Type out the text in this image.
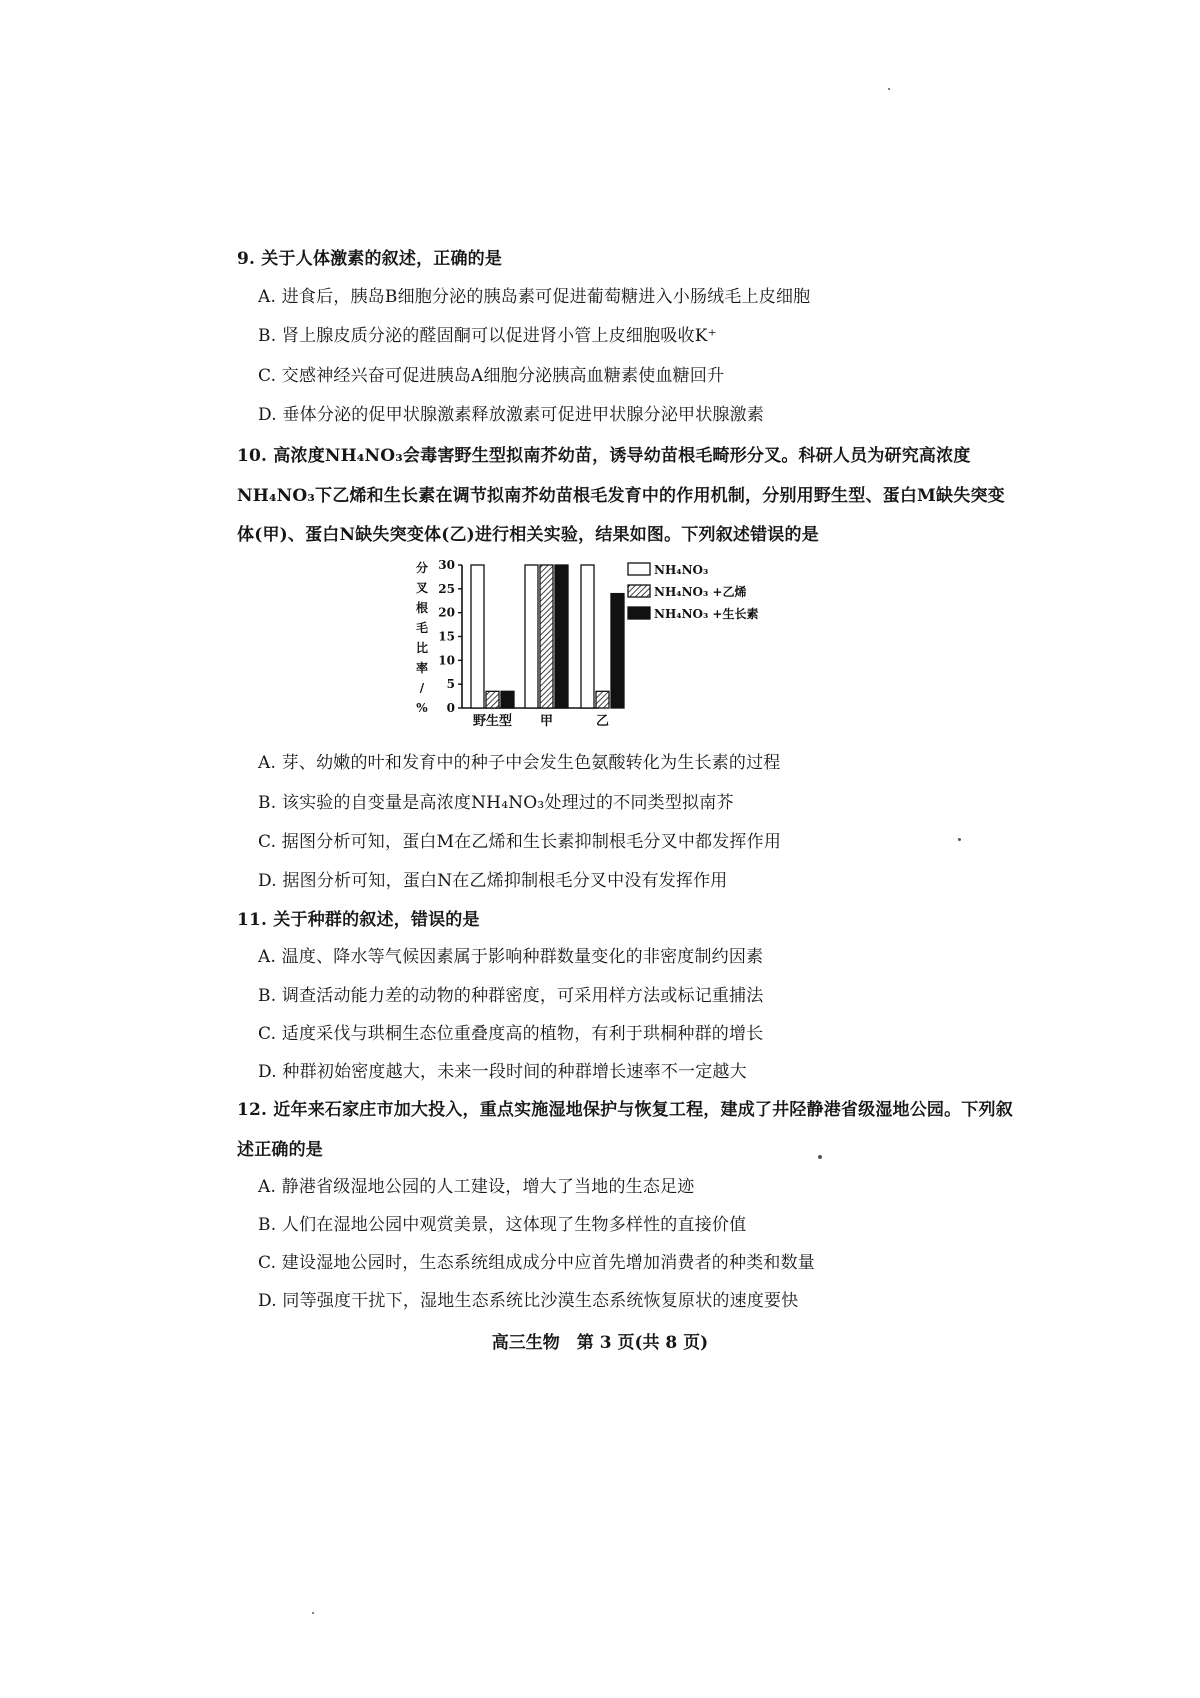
9. 关于人体激素的叙述，正确的是
A. 进食后，胰岛B细胞分泌的胰岛素可促进葡萄糖进入小肠绒毛上皮细胞
B. 肾上腺皮质分泌的醛固酮可以促进肾小管上皮细胞吸收K⁺
C. 交感神经兴奋可促进胰岛A细胞分泌胰高血糖素使血糖回升
D. 垂体分泌的促甲状腺激素释放激素可促进甲状腺分泌甲状腺激素
10. 高浓度NH₄NO₃会毒害野生型拟南芥幼苗，诱导幼苗根毛畸形分叉。科研人员为研究高浓度
NH₄NO₃下乙烯和生长素在调节拟南芥幼苗根毛发育中的作用机制，分别用野生型、蛋白M缺失突变
体(甲)、蛋白N缺失突变体(乙)进行相关实验，结果如图。下列叙述错误的是
分
叉
根
毛
比
率
/
% 0
5
10
15
20
25
30
野生型 甲	乙
NH₄NO₃
NH₄NO₃ +乙烯
NH₄NO₃ +生长素
A. 芽、幼嫩的叶和发育中的种子中会发生色氨酸转化为生长素的过程
B. 该实验的自变量是高浓度NH₄NO₃处理过的不同类型拟南芥
C. 据图分析可知，蛋白M在乙烯和生长素抑制根毛分叉中都发挥作用
D. 据图分析可知，蛋白N在乙烯抑制根毛分叉中没有发挥作用
11. 关于种群的叙述，错误的是
A. 温度、降水等气候因素属于影响种群数量变化的非密度制约因素
B. 调查活动能力差的动物的种群密度，可采用样方法或标记重捕法
C. 适度采伐与珙桐生态位重叠度高的植物，有利于珙桐种群的增长
D. 种群初始密度越大，未来一段时间的种群增长速率不一定越大
12. 近年来石家庄市加大投入，重点实施湿地保护与恢复工程，建成了井陉静港省级湿地公园。下列叙
述正确的是
A. 静港省级湿地公园的人工建设，增大了当地的生态足迹
B. 人们在湿地公园中观赏美景，这体现了生物多样性的直接价值
C. 建设湿地公园时，生态系统组成成分中应首先增加消费者的种类和数量
D. 同等强度干扰下，湿地生态系统比沙漠生态系统恢复原状的速度要快
高三生物　第 3 页(共 8 页)
